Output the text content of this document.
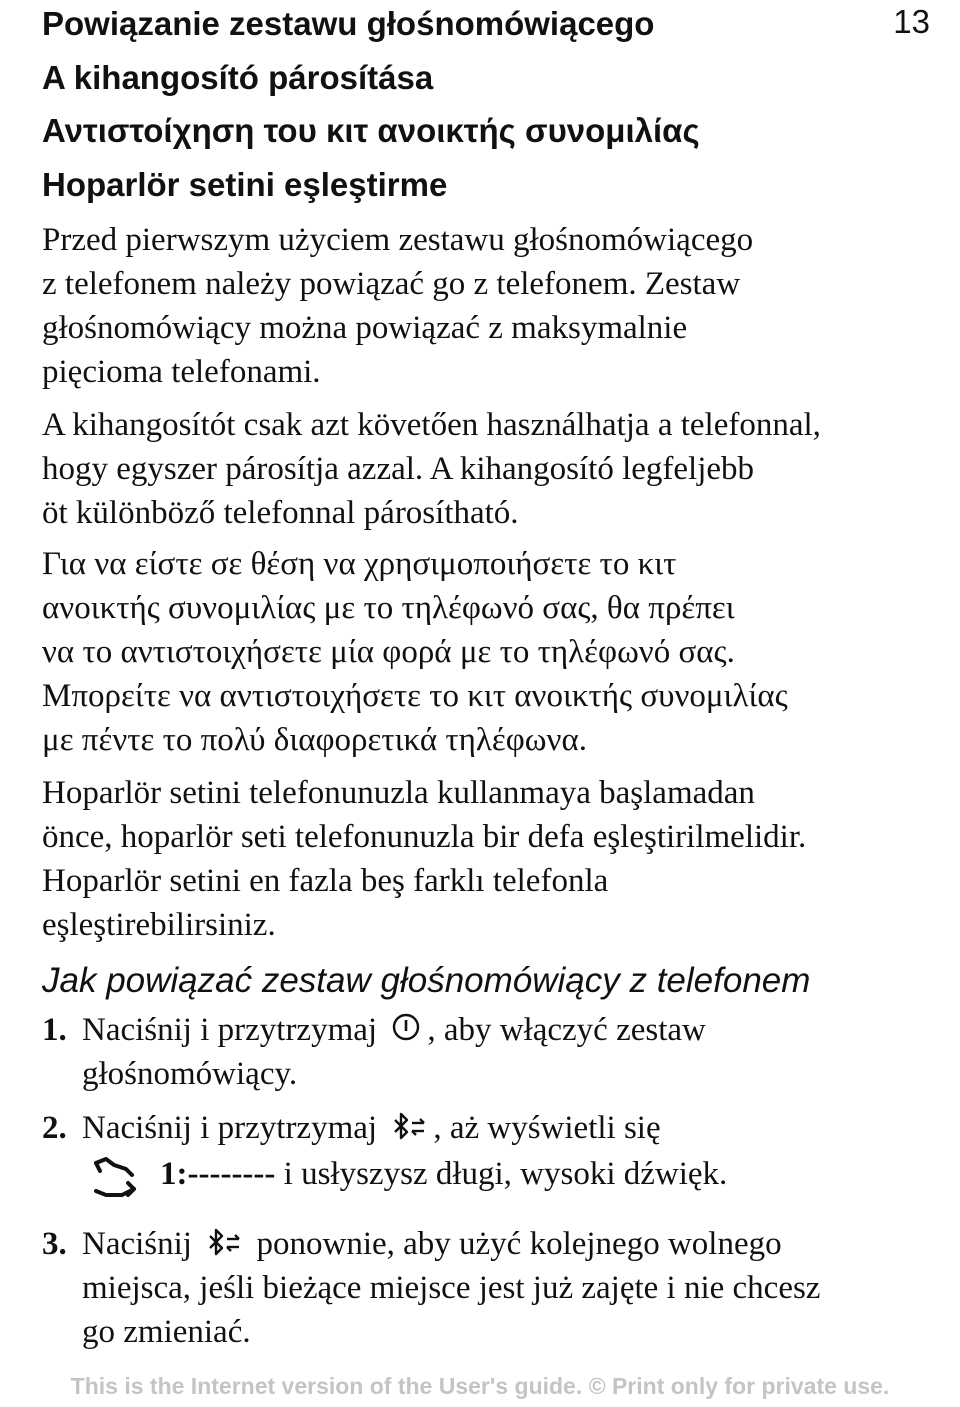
13
Powiązanie zestawu głośnomówiącego
A kihangosító párosítása
Αντιστοίχηση του κιτ ανοικτής συνομιλίας
Hoparlör setini eşleştirme
Przed pierwszym użyciem zestawu głośnomówiącego
z telefonem należy powiązać go z telefonem. Zestaw
głośnomówiący można powiązać z maksymalnie
pięcioma telefonami.
A kihangosítót csak azt követően használhatja a telefonnal,
hogy egyszer párosítja azzal. A kihangosító legfeljebb
öt különböző telefonnal párosítható.
Για να είστε σε θέση να χρησιμοποιήσετε το κιτ
ανοικτής συνομιλίας με το τηλέφωνό σας, θα πρέπει
να το αντιστοιχήσετε μία φορά με το τηλέφωνό σας.
Μπορείτε να αντιστοιχήσετε το κιτ ανοικτής συνομιλίας
με πέντε το πολύ διαφορετικά τηλέφωνα.
Hoparlör setini telefonunuzla kullanmaya başlamadan
önce, hoparlör seti telefonunuzla bir defa eşleştirilmelidir.
Hoparlör setini en fazla beş farklı telefonla
eşleştirebilirsiniz.
Jak powiązać zestaw głośnomówiący z telefonem
1. Naciśnij i przytrzymaj , aby włączyć zestaw
głośnomówiący.
2. Naciśnij i przytrzymaj , aż wyświetli się
1:-------- i usłyszysz długi, wysoki dźwięk.
3. Naciśnij ponownie, aby użyć kolejnego wolnego
miejsca, jeśli bieżące miejsce jest już zajęte i nie chcesz
go zmieniać.
This is the Internet version of the User's guide. © Print only for private use.
